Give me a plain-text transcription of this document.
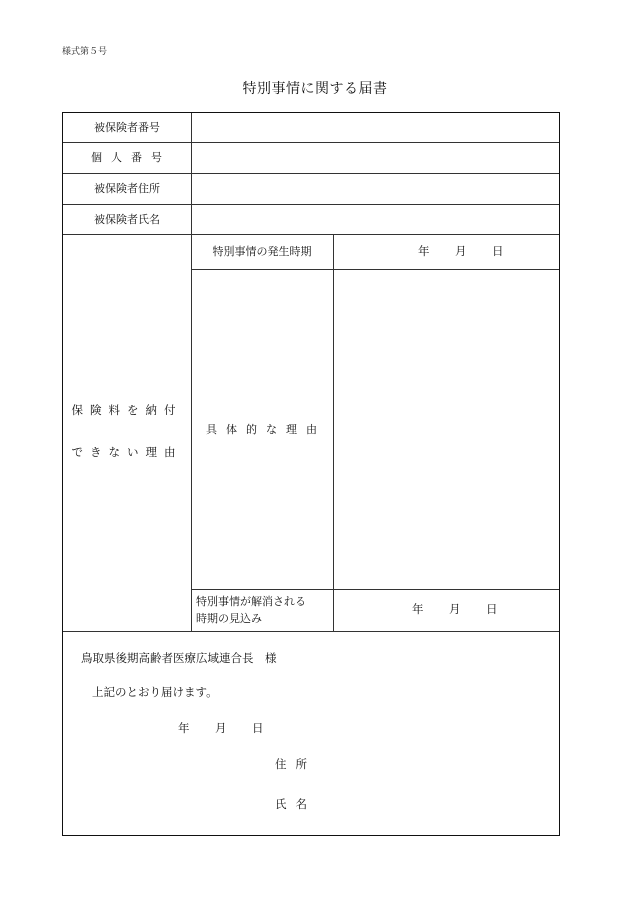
様式第５号
特別事情に関する届書
被保険者番号
個人番号
被保険者住所
被保険者氏名
保険料を納付
できない理由
特別事情の発生時期	年 月 日
具体的な理由
特別事情が解消される
時期の見込み
年 月 日
鳥取県後期高齢者医療広域連合長　様
上記のとおり届けます。
年 月 日
住所
氏名
